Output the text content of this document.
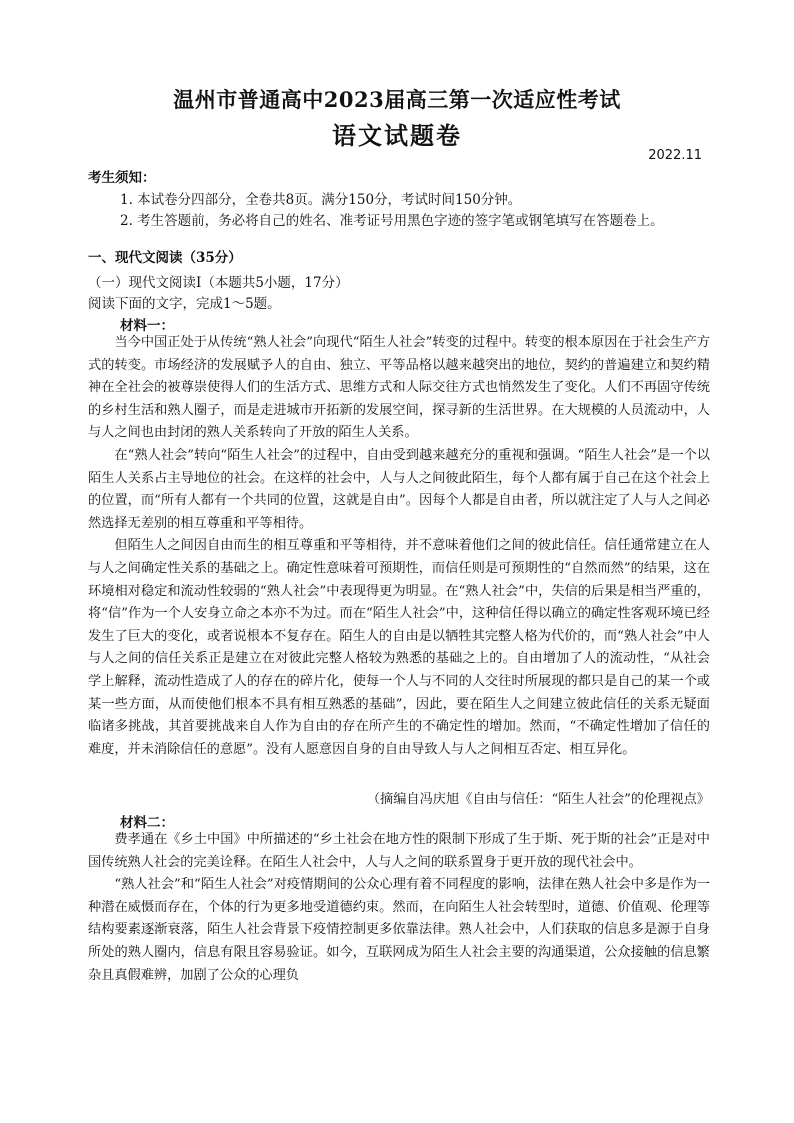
温州市普通高中2023届高三第一次适应性考试
语文试题卷
2022.11
考生须知：
1. 本试卷分四部分，全卷共8页。满分150分，考试时间150分钟。
2. 考生答题前，务必将自己的姓名、准考证号用黑色字迹的签字笔或钢笔填写在答题卷上。
一、现代文阅读（35分）
（一）现代文阅读Ⅰ（本题共5小题，17分）
阅读下面的文字，完成1～5题。
材料一：

当今中国正处于从传统“熟人社会”向现代“陌生人社会”转变的过程中。转变的根本原因在于社会生产方式的转变。市场经济的发展赋予人的自由、独立、平等品格以越来越突出的地位，契约的普遍建立和契约精神在全社会的被尊崇使得人们的生活方式、思维方式和人际交往方式也悄然发生了变化。人们不再固守传统的乡村生活和熟人圈子，而是走进城市开拓新的发展空间，探寻新的生活世界。在大规模的人员流动中，人与人之间也由封闭的熟人关系转向了开放的陌生人关系。

在“熟人社会”转向“陌生人社会”的过程中，自由受到越来越充分的重视和强调。“陌生人社会”是一个以陌生人关系占主导地位的社会。在这样的社会中，人与人之间彼此陌生，每个人都有属于自己在这个社会上的位置，而“所有人都有一个共同的位置，这就是自由”。因每个人都是自由者，所以就注定了人与人之间必然选择无差别的相互尊重和平等相待。

但陌生人之间因自由而生的相互尊重和平等相待，并不意味着他们之间的彼此信任。信任通常建立在人与人之间确定性关系的基础之上。确定性意味着可预期性，而信任则是可预期性的“自然而然”的结果，这在环境相对稳定和流动性较弱的“熟人社会”中表现得更为明显。在“熟人社会”中，失信的后果是相当严重的，将“信”作为一个人安身立命之本亦不为过。而在“陌生人社会”中，这种信任得以确立的确定性客观环境已经发生了巨大的变化，或者说根本不复存在。陌生人的自由是以牺牲其完整人格为代价的，而“熟人社会”中人与人之间的信任关系正是建立在对彼此完整人格较为熟悉的基础之上的。自由增加了人的流动性，“从社会学上解释，流动性造成了人的存在的碎片化，使每一个人与不同的人交往时所展现的都只是自己的某一个或某一些方面，从而使他们根本不具有相互熟悉的基础”，因此，要在陌生人之间建立彼此信任的关系无疑面临诸多挑战，其首要挑战来自人作为自由的存在所产生的不确定性的增加。然而，“不确定性增加了信任的难度，并未消除信任的意愿”。没有人愿意因自身的自由导致人与人之间相互否定、相互异化。

（摘编自冯庆旭《自由与信任：“陌生人社会”的伦理视点》
材料二：

费孝通在《乡土中国》中所描述的“乡土社会在地方性的限制下形成了生于斯、死于斯的社会”正是对中国传统熟人社会的完美诠释。在陌生人社会中，人与人之间的联系置身于更开放的现代社会中。

“熟人社会”和“陌生人社会”对疫情期间的公众心理有着不同程度的影响，法律在熟人社会中多是作为一种潜在威慑而存在，个体的行为更多地受道德约束。然而，在向陌生人社会转型时，道德、价值观、伦理等结构要素逐渐衰落，陌生人社会背景下疫情控制更多依靠法律。熟人社会中，人们获取的信息多是源于自身所处的熟人圈内，信息有限且容易验证。如今，互联网成为陌生人社会主要的沟通渠道，公众接触的信息繁杂且真假难辨，加剧了公众的心理负
